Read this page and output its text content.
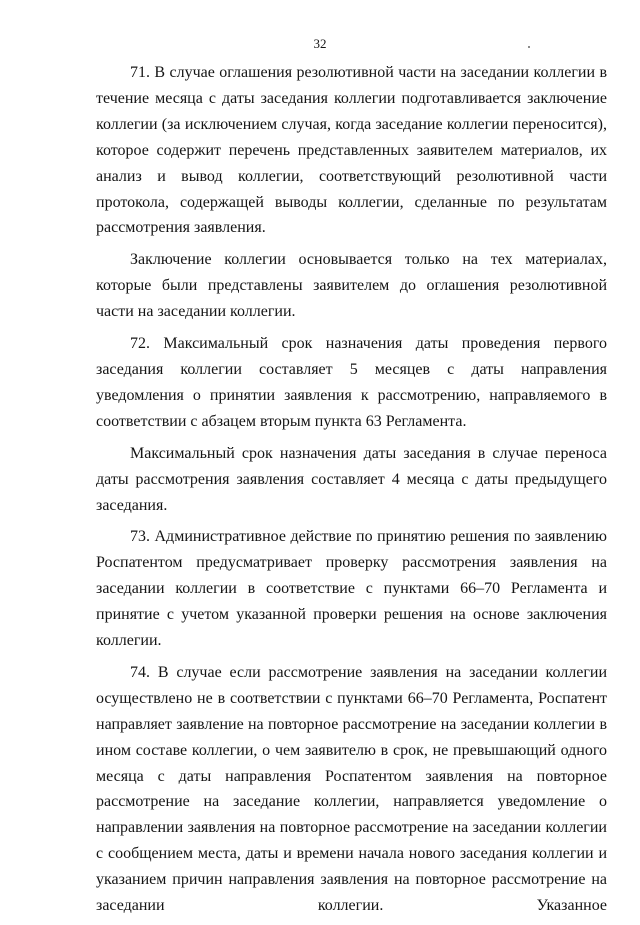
32

71. В случае оглашения резолютивной части на заседании коллегии в течение месяца с даты заседания коллегии подготавливается заключение коллегии (за исключением случая, когда заседание коллегии переносится), которое содержит перечень представленных заявителем материалов, их анализ и вывод коллегии, соответствующий резолютивной части протокола, содержащей выводы коллегии, сделанные по результатам рассмотрения заявления.

Заключение коллегии основывается только на тех материалах, которые были представлены заявителем до оглашения резолютивной части на заседании коллегии.

72. Максимальный срок назначения даты проведения первого заседания коллегии составляет 5 месяцев с даты направления уведомления о принятии заявления к рассмотрению, направляемого в соответствии с абзацем вторым пункта 63 Регламента.

Максимальный срок назначения даты заседания в случае переноса даты рассмотрения заявления составляет 4 месяца с даты предыдущего заседания.

73. Административное действие по принятию решения по заявлению Роспатентом предусматривает проверку рассмотрения заявления на заседании коллегии в соответствие с пунктами 66–70 Регламента и принятие с учетом указанной проверки решения на основе заключения коллегии.

74. В случае если рассмотрение заявления на заседании коллегии осуществлено не в соответствии с пунктами 66–70 Регламента, Роспатент направляет заявление на повторное рассмотрение на заседании коллегии в ином составе коллегии, о чем заявителю в срок, не превышающий одного месяца с даты направления Роспатентом заявления на повторное рассмотрение на заседание коллегии, направляется уведомление о направлении заявления на повторное рассмотрение на заседании коллегии с сообщением места, даты и времени начала нового заседания коллегии и указанием причин направления заявления на повторное рассмотрение на заседании коллегии. Указанное
